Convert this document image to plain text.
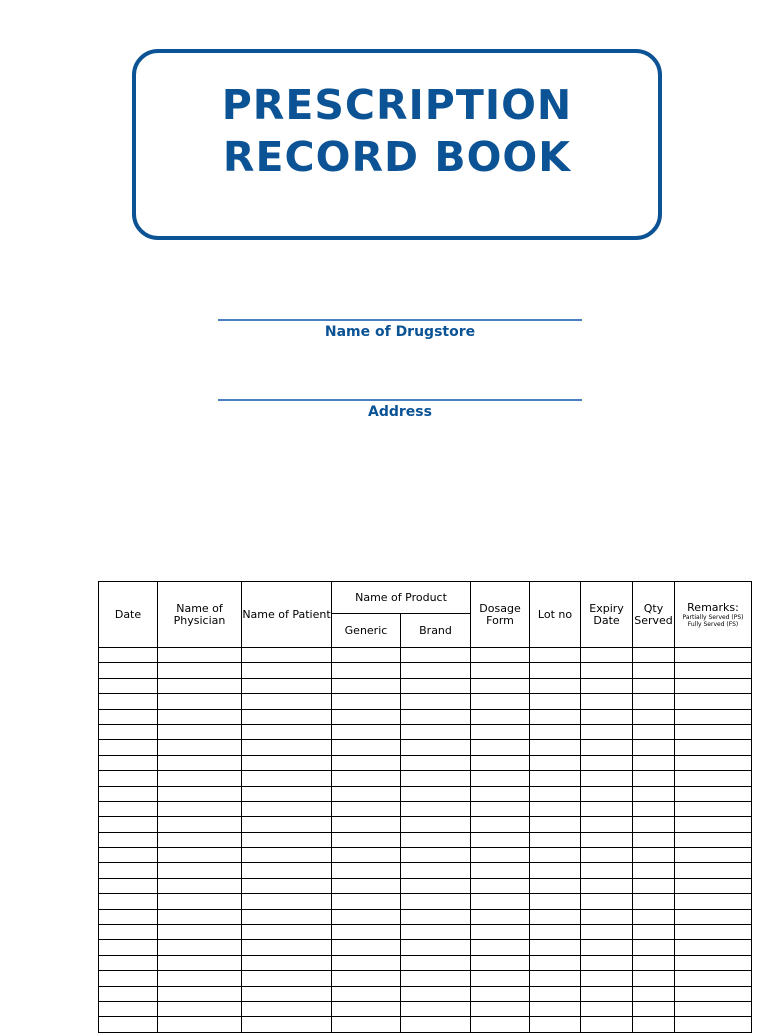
PRESCRIPTION
RECORD BOOK
Name of Drugstore
Address
Date	Name of Physician	Name of Patient	Name of Product		Dosage Form	Lot no	Expiry Date	Qty Served	Remarks:
Partially Served (PS) Fully Served (FS)

			Generic	Brand					
